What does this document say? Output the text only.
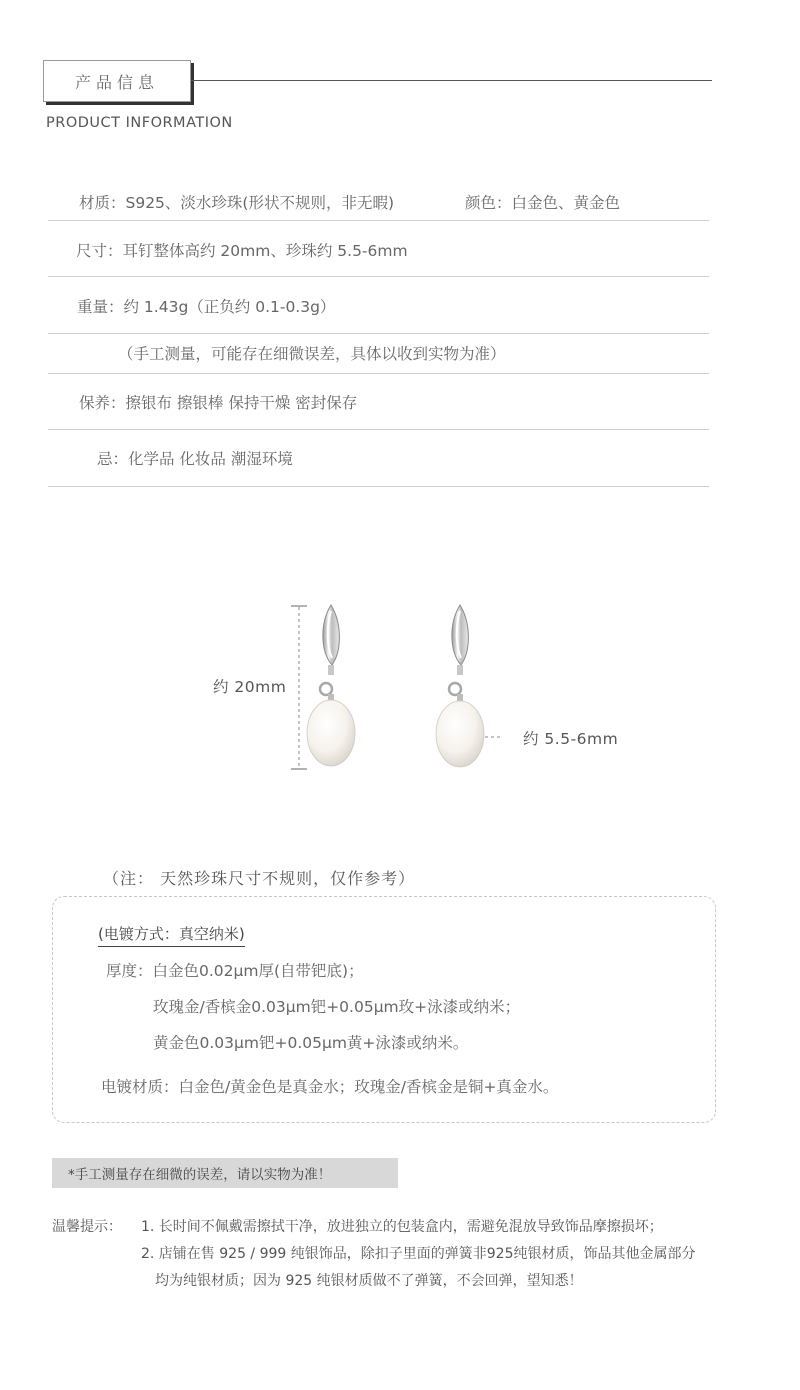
产品信息
PRODUCT INFORMATION
材质：S925、淡水珍珠(形状不规则，非无暇)	颜色：白金色、黄金色
尺寸：耳钉整体高约 20mm、珍珠约 5.5-6mm
重量：约 1.43g（正负约 0.1-0.3g）
（手工测量，可能存在细微误差，具体以收到实物为准）
保养：擦银布 擦银棒 保持干燥 密封保存
忌：化学品 化妆品 潮湿环境
约 20mm
约 5.5-6mm
（注： 天然珍珠尺寸不规则，仅作参考）
(电镀方式：真空纳米)
厚度：白金色0.02μm厚(自带钯底)；
玫瑰金/香槟金0.03μm钯+0.05μm玫+泳漆或纳米；
黄金色0.03μm钯+0.05μm黄+泳漆或纳米。
电镀材质：白金色/黄金色是真金水；玫瑰金/香槟金是铜+真金水。
*手工测量存在细微的误差，请以实物为准！
温馨提示： 1. 长时间不佩戴需擦拭干净，放进独立的包装盒内，需避免混放导致饰品摩擦损坏；
2. 店铺在售 925 / 999 纯银饰品，除扣子里面的弹簧非925纯银材质，饰品其他金属部分
均为纯银材质；因为 925 纯银材质做不了弹簧，不会回弹，望知悉！
